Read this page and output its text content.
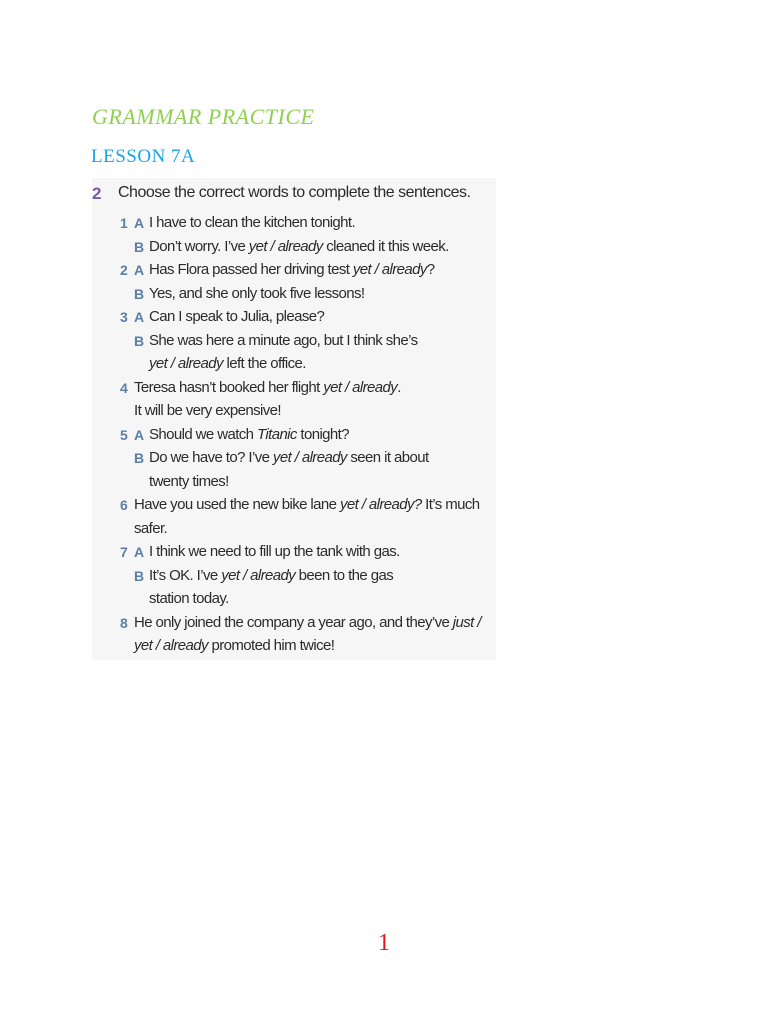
GRAMMAR PRACTICE
LESSON 7A
2 Choose the correct words to complete the sentences.
1 A I have to clean the kitchen tonight.
B Don’t worry. I’ve yet / already cleaned it this week.
2 A Has Flora passed her driving test yet / already?
B Yes, and she only took five lessons!
3 A Can I speak to Julia, please?
B She was here a minute ago, but I think she’s
yet / already left the office.
4 Teresa hasn’t booked her flight yet / already.
It will be very expensive!
5 A Should we watch Titanic tonight?
B Do we have to? I’ve yet / already seen it about
twenty times!
6 Have you used the new bike lane yet / already? It’s much
safer.
7 A I think we need to fill up the tank with gas.
B It’s OK. I’ve yet / already been to the gas
station today.
8 He only joined the company a year ago, and they’ve just /
yet / already promoted him twice!
1
